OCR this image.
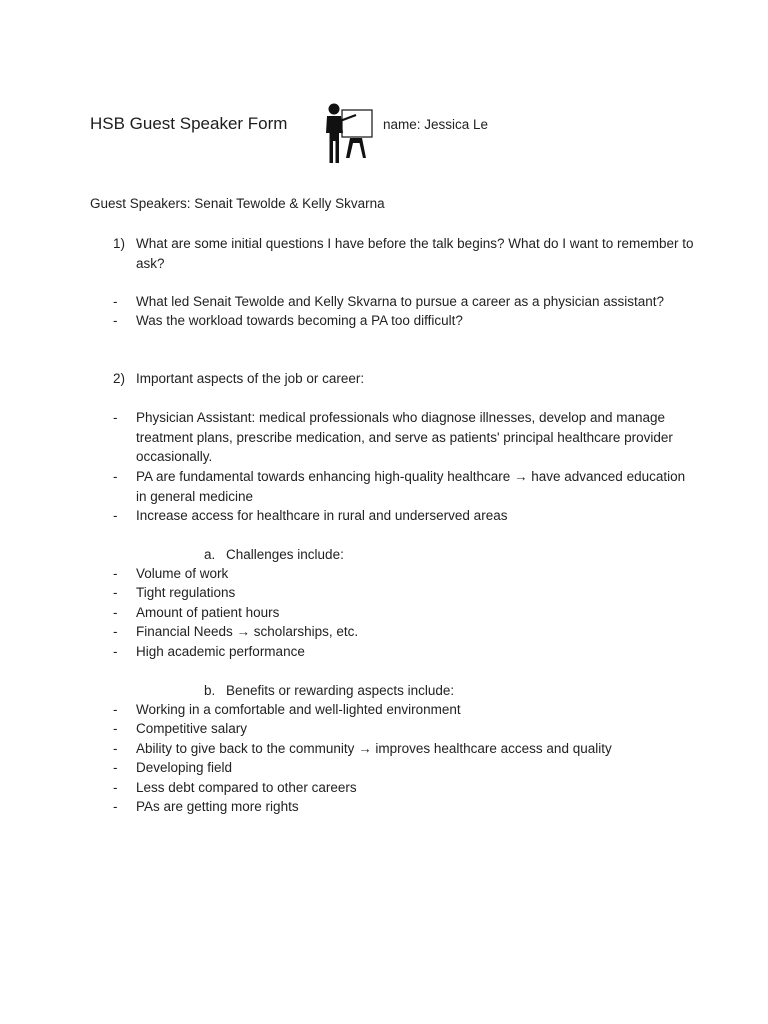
HSB Guest Speaker Form	name: Jessica Le
Guest Speakers: Senait Tewolde & Kelly Skvarna
1) What are some initial questions I have before the talk begins? What do I want to remember to ask?
- What led Senait Tewolde and Kelly Skvarna to pursue a career as a physician assistant?
- Was the workload towards becoming a PA too difficult?
2) Important aspects of the job or career:
- Physician Assistant: medical professionals who diagnose illnesses, develop and manage treatment plans, prescribe medication, and serve as patients' principal healthcare provider occasionally.
- PA are fundamental towards enhancing high-quality healthcare → have advanced education in general medicine
- Increase access for healthcare in rural and underserved areas
a. Challenges include:
- Volume of work
- Tight regulations
- Amount of patient hours
- Financial Needs → scholarships, etc.
- High academic performance
b. Benefits or rewarding aspects include:
- Working in a comfortable and well-lighted environment
- Competitive salary
- Ability to give back to the community → improves healthcare access and quality
- Developing field
- Less debt compared to other careers
- PAs are getting more rights
